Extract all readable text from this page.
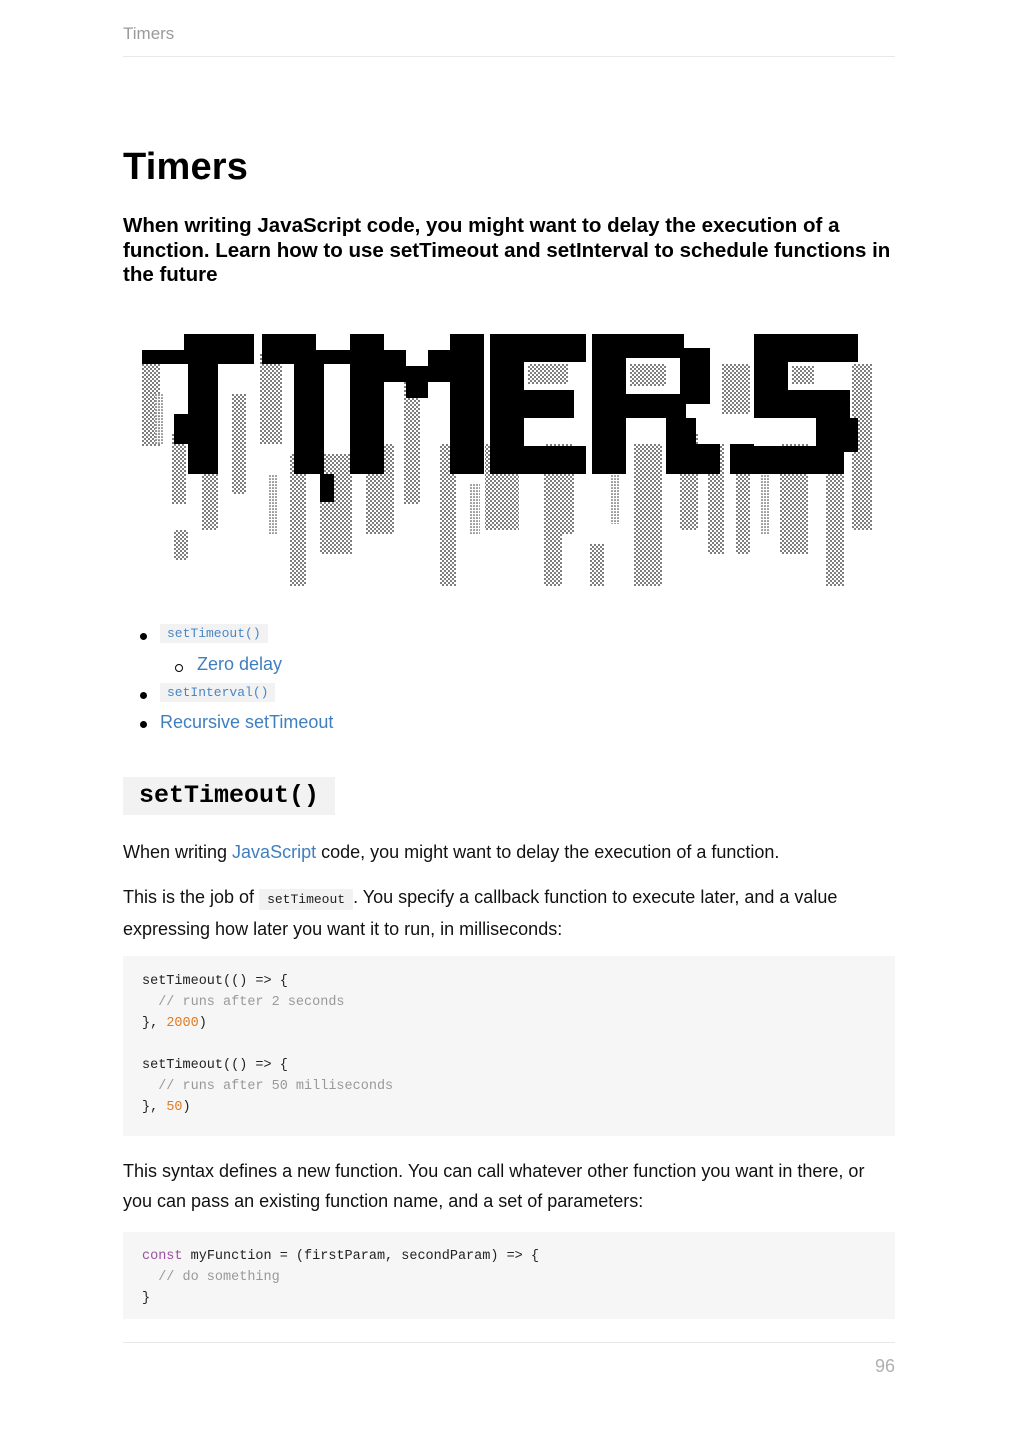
Timers
Timers

When writing JavaScript code, you might want to delay the execution of a function. Learn how to use setTimeout and setInterval to schedule functions in the future

setTimeout()
Zero delay
setInterval()
Recursive setTimeout
setTimeout()

When writing JavaScript code, you might want to delay the execution of a function.

This is the job of setTimeout . You specify a callback function to execute later, and a value expressing how later you want it to run, in milliseconds:

setTimeout(() => {
// runs after 2 seconds
}, 2000)
setTimeout(() => {
// runs after 50 milliseconds
}, 50)

This syntax defines a new function. You can call whatever other function you want in there, or you can pass an existing function name, and a set of parameters:

const myFunction = (firstParam, secondParam) => {
// do something
}
96
